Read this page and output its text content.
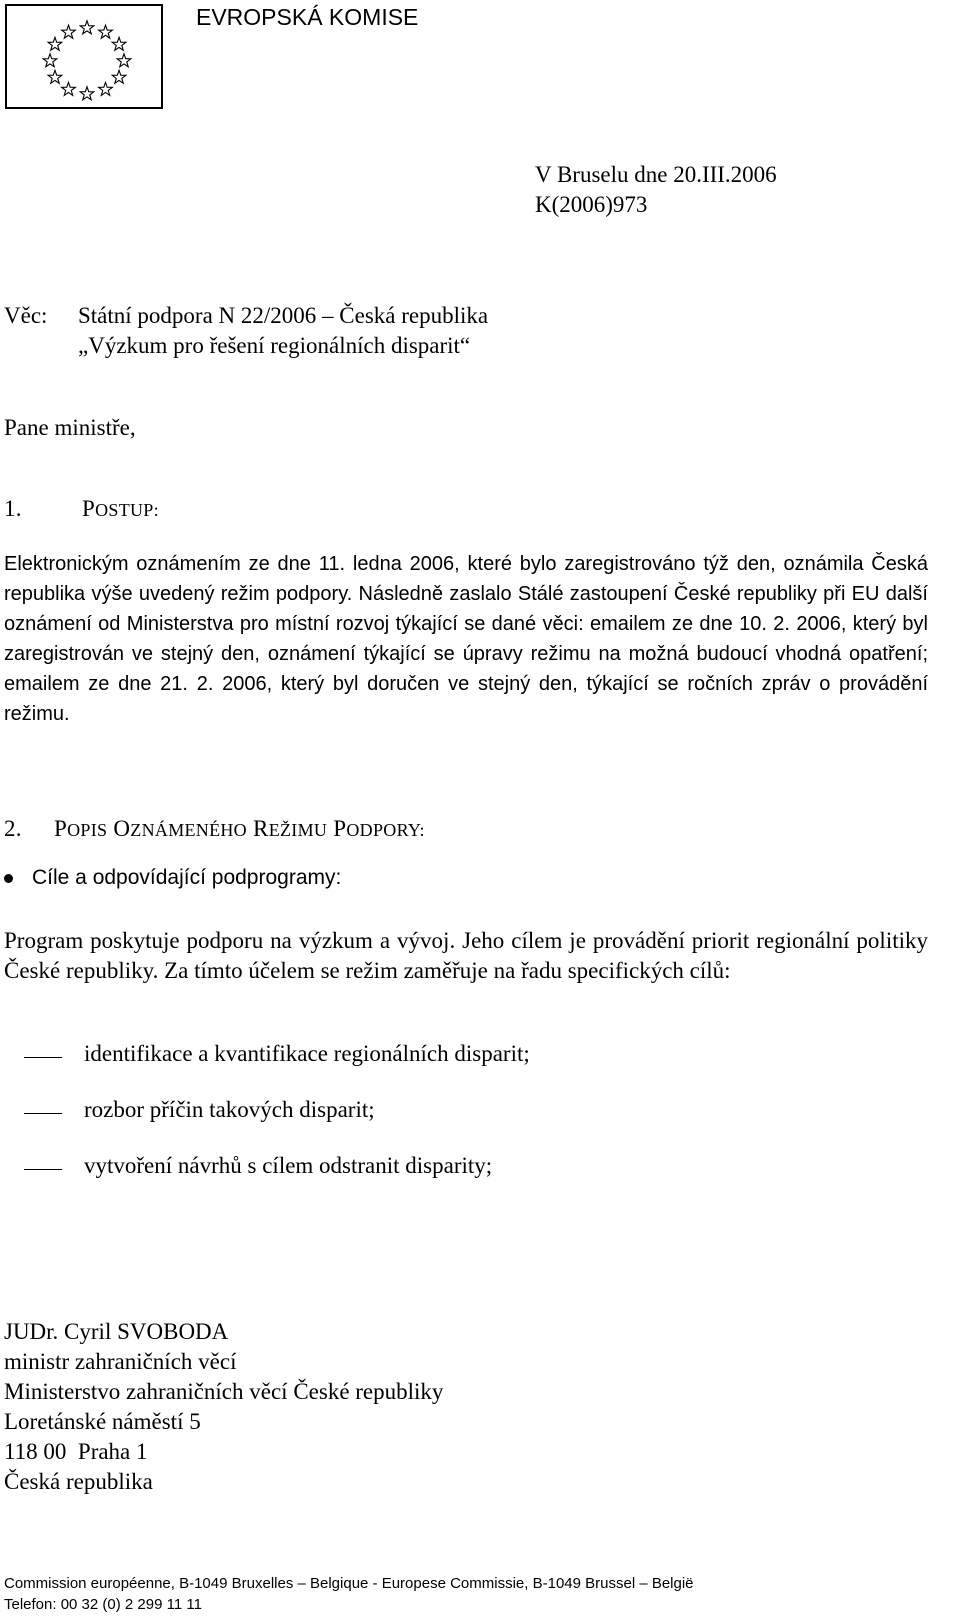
EVROPSKÁ KOMISE
V Bruselu dne 20.III.2006
K(2006)973
Věc: Státní podpora N 22/2006 – Česká republika
„Výzkum pro řešení regionálních disparit“
Pane ministře,
1.	POSTUP:
Elektronickým oznámením ze dne 11. ledna 2006, které bylo zaregistrováno týž den, oznámila Česká republika výše uvedený režim podpory. Následně zaslalo Stálé zastoupení České republiky při EU další oznámení od Ministerstva pro místní rozvoj týkající se dané věci: emailem ze dne 10. 2. 2006, který byl zaregistrován ve stejný den, oznámení týkající se úpravy režimu na možná budoucí vhodná opatření; emailem ze dne 21. 2. 2006, který byl doručen ve stejný den, týkající se ročních zpráv o provádění režimu.
2. POPIS OZNÁMENÉHO REŽIMU PODPORY:
Cíle a odpovídající podprogramy:
Program poskytuje podporu na výzkum a vývoj. Jeho cílem je provádění priorit regionální politiky České republiky. Za tímto účelem se režim zaměřuje na řadu specifických cílů:
identifikace a kvantifikace regionálních disparit;
rozbor příčin takových disparit;
vytvoření návrhů s cílem odstranit disparity;
JUDr. Cyril SVOBODA
ministr zahraničních věcí
Ministerstvo zahraničních věcí České republiky
Loretánské náměstí 5
118 00  Praha 1
Česká republika
Commission européenne, B-1049 Bruxelles – Belgique - Europese Commissie, B-1049 Brussel – België
Telefon: 00 32 (0) 2 299 11 11
